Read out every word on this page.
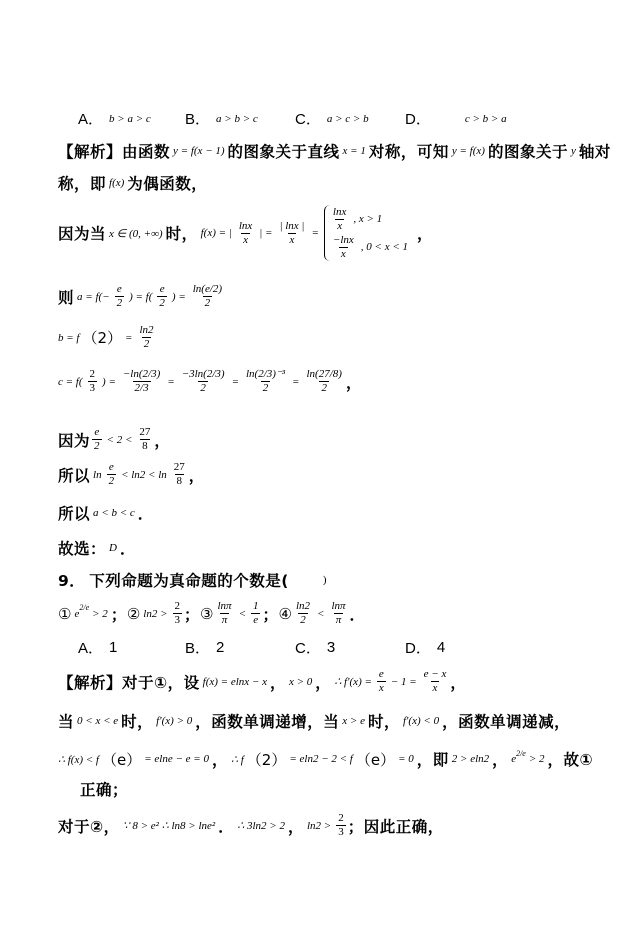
A． b > a > c B． a > b > c C． a > c > b D．	c > b > a
【解析】 由函数 y = f(x − 1) 的图象关于直线 x = 1 对称，可知 y = f(x) 的图象关于 y 轴对
称，即 f(x) 为偶函数，
因为当 x ∈ (0, +∞) 时， f(x) = | $\frac{\ln x}{x}$ | = $\frac{| \ln x |}{x}$ =
$\frac{\ln x}{x}$ , x > 1
$\frac{-\ln x}{x}$ , 0 < x < 1
，
则 $a = f(- \frac{e}{2}$ ) = $f( \frac{e}{2}$ ) = $\frac{\ln(e/2)}{2}$
b = f $(2) = \frac{\ln 2}{2}$
$c = f( \frac{2}{3}$ ) = $\frac{-\ln(2/3)}{2/3} = \frac{-3\ln(2/3)}{2} = \frac{\text{ln(2/3)⁻³}}{2} = \frac{\ln(27/8)}{2}$ ，
因为 $\frac{e}{2} < 2 < \frac{27}{8}$ ，
所以 $\ln \frac{e}{2} < \ln 2 < \ln \frac{27}{8}$ ，
所以 a < b < c ．
故选： D ．
9． 下列命题为真命题的个数是(	)
① e 2/e > 2 ； ② $\ln 2 > \frac{2}{3}$ ； ③ $\frac{\ln\pi}{\pi} < \frac{1}{e}$ ； ④ $\frac{\ln 2}{2} < \frac{\ln\pi}{\pi}$ ．
A． 1	B． 2	C． 3	D． 4
【解析】 对于①，设 f(x) = elnx − x ， x > 0 ， ∴ $f'(x) = \frac{e}{x} - 1 = \frac{e - x}{x}$ ，
当 0 < x < e 时， f′(x) > 0 ，函数单调递增，当 x > e 时， f′(x) < 0 ，函数单调递减，
∴ f(x) < f （e） = elne − e = 0 ， ∴ f （2） = eln2 − 2 < f （e） = 0 ，即 2 > eln2 ， e 2/e > 2 ，故①
正确；
对于②， ∵ 8 > e² ∴ ln8 > lne² ． ∴ 3ln2 > 2 ， $\ln 2 > \frac{2}{3}$ ；因此正确，
